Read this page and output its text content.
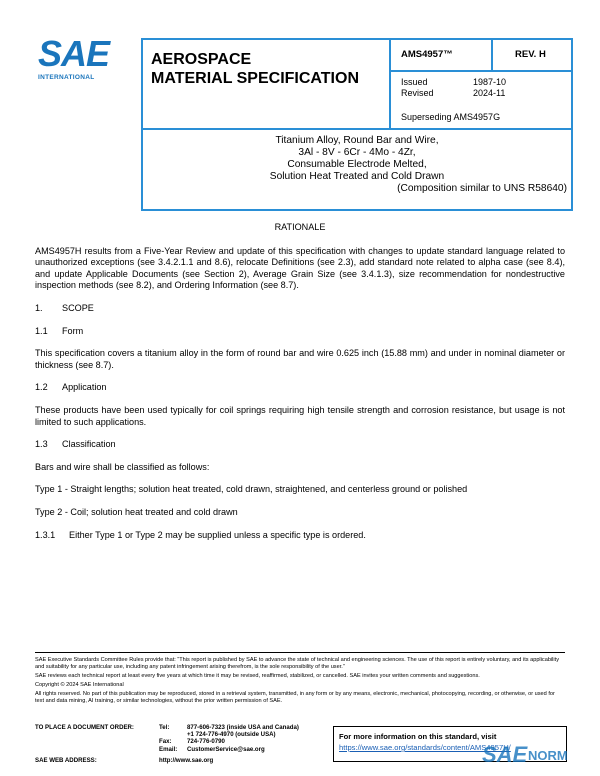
SAE
INTERNATIONAL
AEROSPACE
MATERIAL SPECIFICATION
AMS4957™	REV. H
Issued	1987-10
Revised	2024-11
Superseding AMS4957G
Titanium Alloy, Round Bar and Wire,
3Al - 8V - 6Cr - 4Mo - 4Zr,
Consumable Electrode Melted,
Solution Heat Treated and Cold Drawn
(Composition similar to UNS R58640)
RATIONALE

AMS4957H results from a Five-Year Review and update of this specification with changes to update standard language related to unauthorized exceptions (see 3.4.2.1.1 and 8.6), relocate Definitions (see 2.3), add standard note related to alpha case (see 8.4), and update Applicable Documents (see Section 2), Average Grain Size (see 3.4.1.3), size recommendation for nondestructive inspection methods (see 8.2), and Ordering Information (see 8.7).

1.	SCOPE
1.1	Form

This specification covers a titanium alloy in the form of round bar and wire 0.625 inch (15.88 mm) and under in nominal diameter or thickness (see 8.7).

1.2	Application

These products have been used typically for coil springs requiring high tensile strength and corrosion resistance, but usage is not limited to such applications.

1.3	Classification

Bars and wire shall be classified as follows:

Type 1 - Straight lengths; solution heat treated, cold drawn, straightened, and centerless ground or polished

Type 2 - Coil; solution heat treated and cold drawn

1.3.1	Either Type 1 or Type 2 may be supplied unless a specific type is ordered.

SAE Executive Standards Committee Rules provide that: “This report is published by SAE to advance the state of technical and engineering sciences. The use of this report is entirely voluntary, and its applicability and suitability for any particular use, including any patent infringement arising therefrom, is the sole responsibility of the user.”

SAE reviews each technical report at least every five years at which time it may be revised, reaffirmed, stabilized, or cancelled. SAE invites your written comments and suggestions.

Copyright © 2024 SAE International

All rights reserved. No part of this publication may be reproduced, stored in a retrieval system, transmitted, in any form or by any means, electronic, mechanical, photocopying, recording, or otherwise, or used for text and data mining, AI training, or similar technologies, without the prior written permission of SAE.

TO PLACE A DOCUMENT ORDER:	Tel:	877-606-7323 (inside USA and Canada)
+1 724-776-4970 (outside USA)
Fax:	724-776-0790
Email:	CustomerService@sae.org
SAE WEB ADDRESS:	http://www.sae.org
For more information on this standard, visit
https://www.sae.org/standards/content/AMS4957H/
SAE NORM
